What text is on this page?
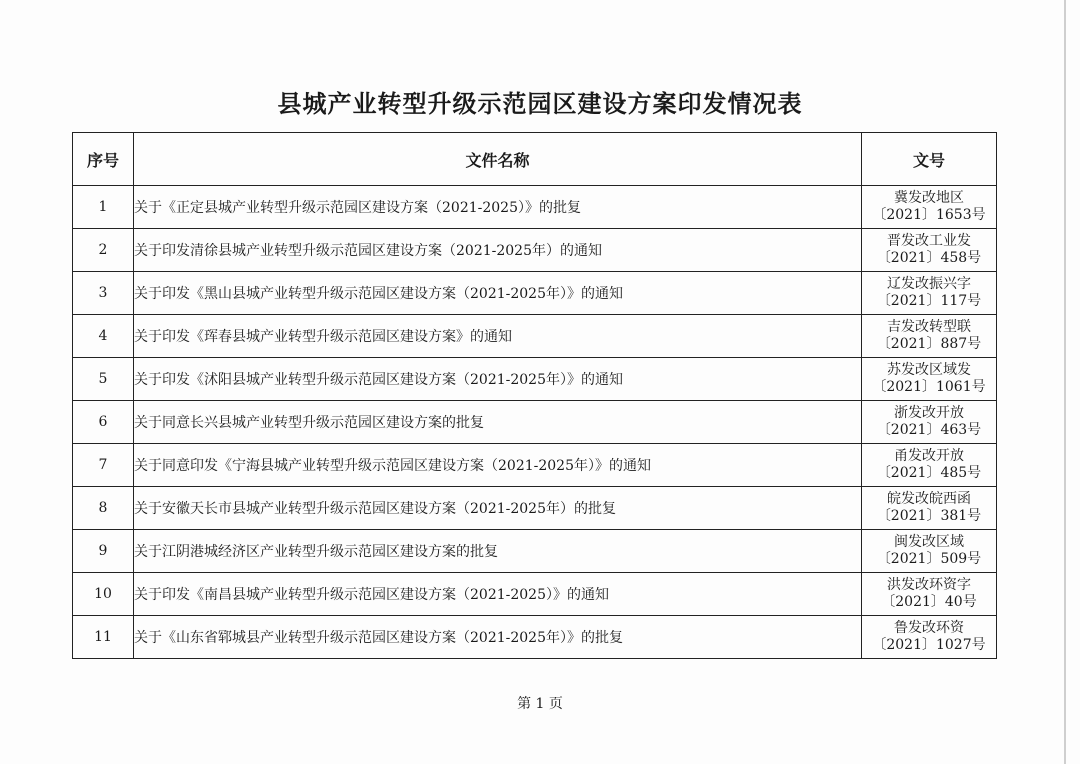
县城产业转型升级示范园区建设方案印发情况表
序号	文件名称	文号
1	关于《正定县城产业转型升级示范园区建设方案（2021-2025）》的批复	冀发改地区
〔2021〕1653号

2	关于印发清徐县城产业转型升级示范园区建设方案（2021-2025年）的通知	晋发改工业发
〔2021〕458号

3	关于印发《黑山县城产业转型升级示范园区建设方案（2021-2025年）》的通知	辽发改振兴字
〔2021〕117号

4	关于印发《珲春县城产业转型升级示范园区建设方案》的通知	吉发改转型联
〔2021〕887号

5	关于印发《沭阳县城产业转型升级示范园区建设方案（2021-2025年）》的通知	苏发改区域发
〔2021〕1061号

6	关于同意长兴县城产业转型升级示范园区建设方案的批复	浙发改开放
〔2021〕463号

7	关于同意印发《宁海县城产业转型升级示范园区建设方案（2021-2025年）》的通知	甬发改开放
〔2021〕485号

8	关于安徽天长市县城产业转型升级示范园区建设方案（2021-2025年）的批复	皖发改皖西函
〔2021〕381号

9	关于江阴港城经济区产业转型升级示范园区建设方案的批复	闽发改区域
〔2021〕509号

10	关于印发《南昌县城产业转型升级示范园区建设方案（2021-2025）》的通知	洪发改环资字
〔2021〕40号

11	关于《山东省郓城县产业转型升级示范园区建设方案（2021-2025年）》的批复	鲁发改环资
〔2021〕1027号
第 1 页
